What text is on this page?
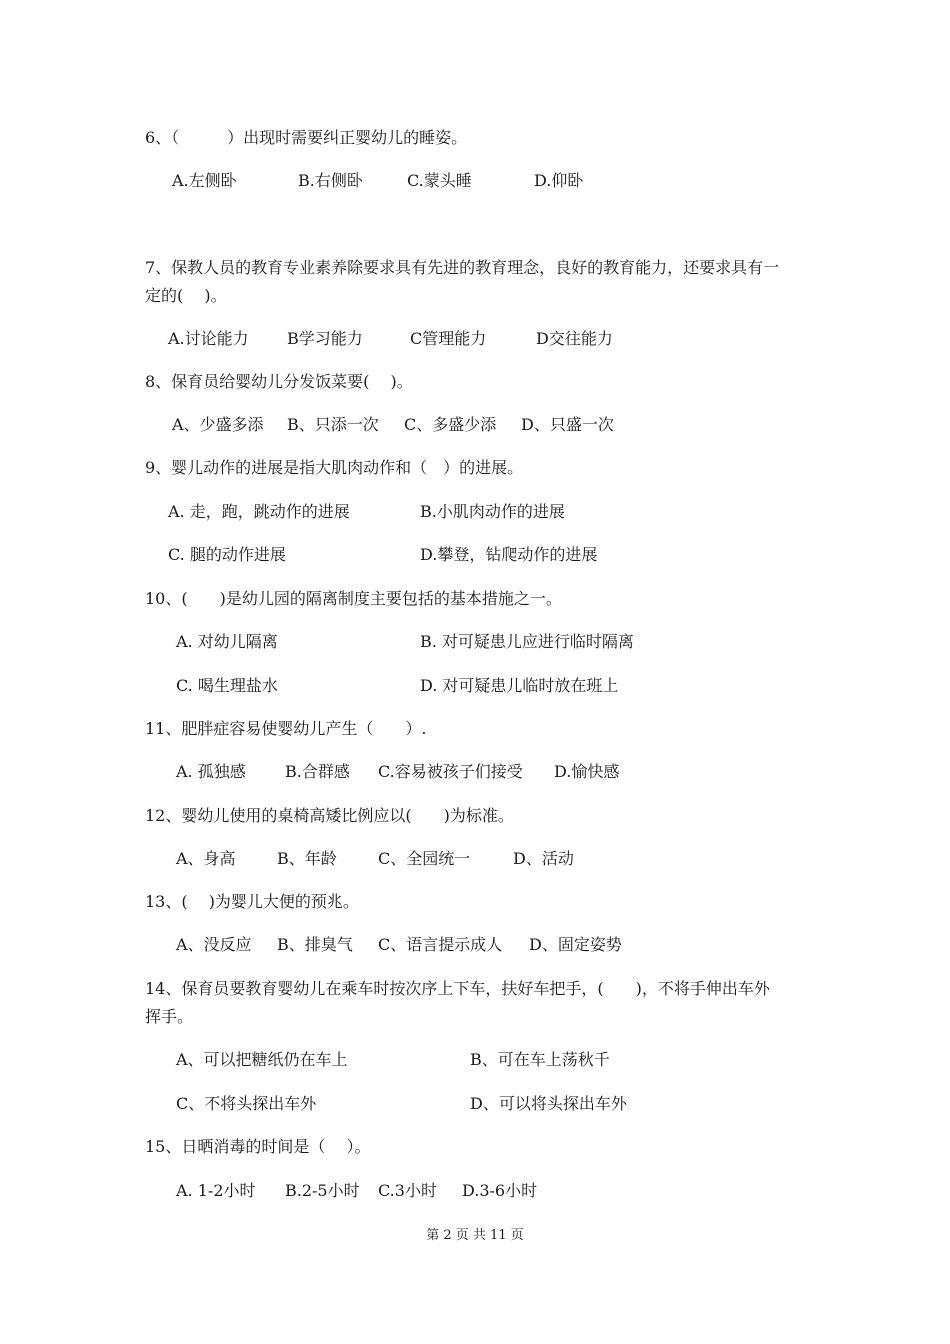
6、（　　　）出现时需要纠正婴幼儿的睡姿。
A.左侧卧	B.右侧卧	C.蒙头睡	D.仰卧
7、保教人员的教育专业素养除要求具有先进的教育理念，良好的教育能力，还要求具有一
定的(　 )。
A.讨论能力 B学习能力	C管理能力	D交往能力
8、保育员给婴幼儿分发饭菜要(　 )。
A、少盛多添 B、只添一次 C、多盛少添 D、只盛一次
9、婴儿动作的进展是指大肌肉动作和（　）的进展。
A. 走，跑，跳动作的进展	B.小肌肉动作的进展
C. 腿的动作进展	D.攀登，钻爬动作的进展
10、(　　)是幼儿园的隔离制度主要包括的基本措施之一。
A. 对幼儿隔离	B. 对可疑患儿应进行临时隔离
C. 喝生理盐水	D. 对可疑患儿临时放在班上
11、肥胖症容易使婴幼儿产生（　　）.
A. 孤独感 B.合群感 C.容易被孩子们接受 D.愉快感
12、婴幼儿使用的桌椅高矮比例应以(　　)为标准。
A、身高	B、年龄	C、全园统一	D、活动
13、(　 )为婴儿大便的预兆。
A、没反应 B、排臭气 C、语言提示成人 D、固定姿势
14、保育员要教育婴幼儿在乘车时按次序上下车，扶好车把手，(　　)，不将手伸出车外
挥手。
A、可以把糖纸仍在车上	B、可在车上荡秋千
C、不将头探出车外	D、可以将头探出车外
15、日晒消毒的时间是（　 ）。
A. 1-2小时 B.2-5小时 C.3小时 D.3-6小时
第 2 页 共 11 页
